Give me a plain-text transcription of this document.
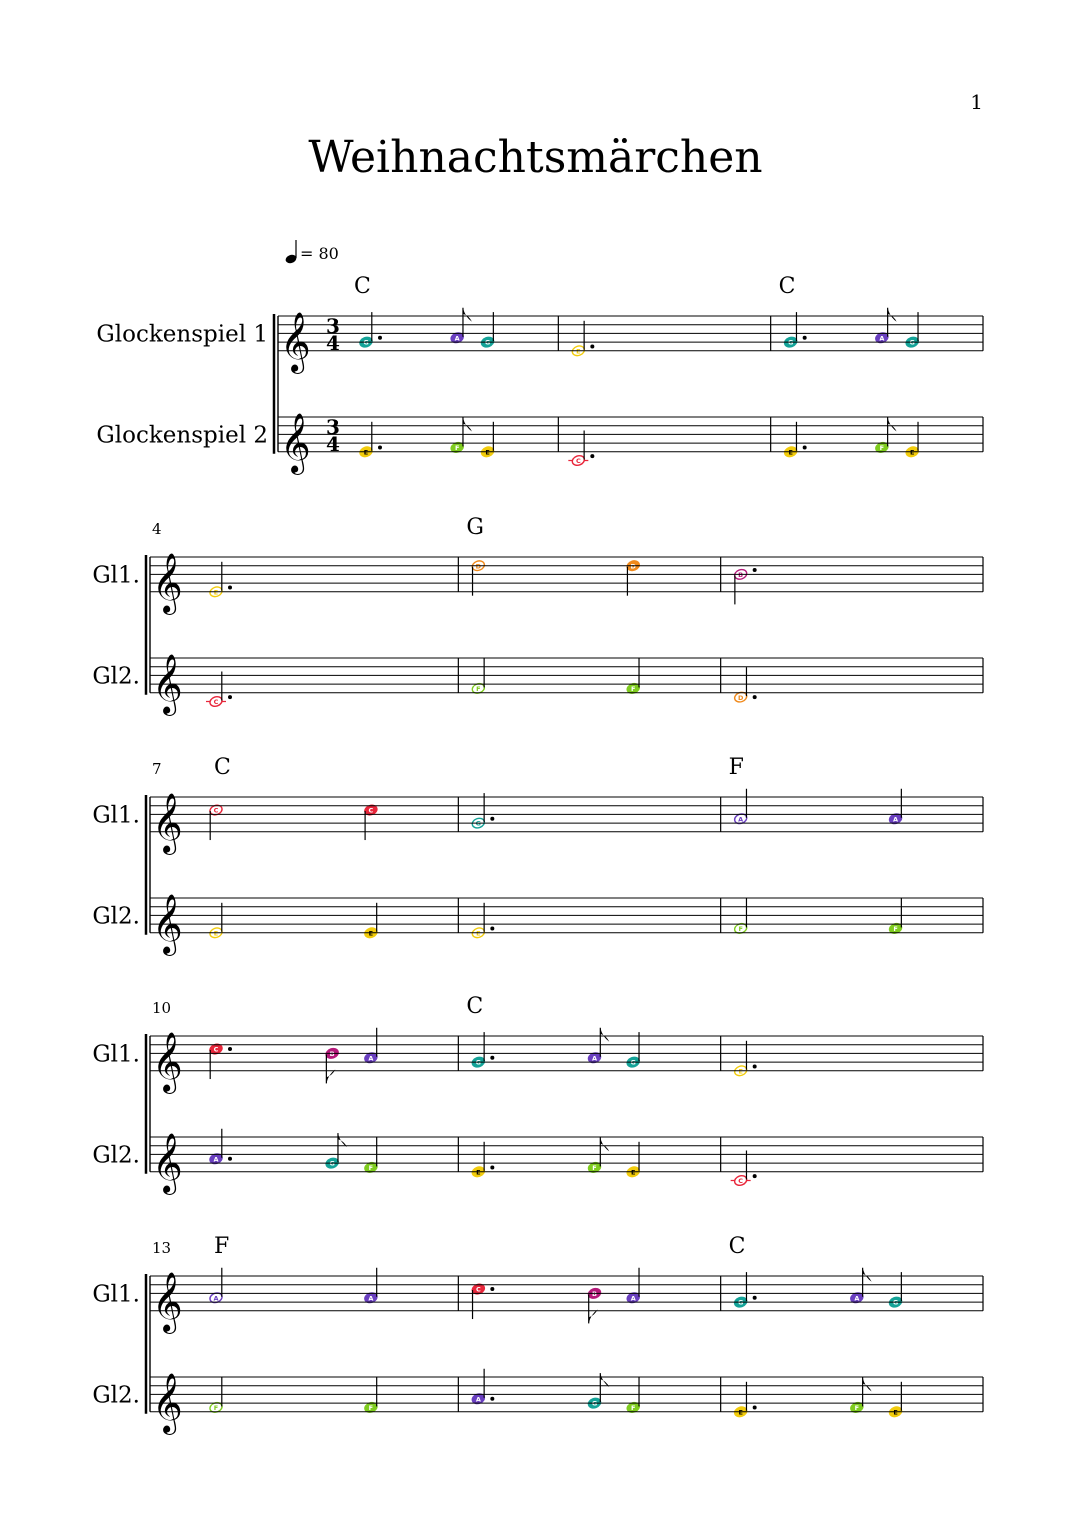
1
Weihnachtsmärchen
Glockenspiel 1
Glockenspiel 2
3
4
3
4
= 80
C
G
A
G
E
F
E
E
C
C
G
A
G
E
F
E
𝄞
𝄞
Gl1.
Gl2.
4
E
C
G
D	D
F	F
B
D
𝄞
𝄞
Gl1.
Gl2.
7 C
C	C
E	E
G
E
F
A	A
F	F
𝄞
𝄞
Gl1.
Gl2.
10
C
B
A
A
G
F
C
G
A
G
E
F
E
E
C
𝄞
𝄞
Gl1.
Gl2.
13 F
A	A
F	F
C
B
A
A
G
F
C
G
A
G
E
F
E
𝄞
𝄞
